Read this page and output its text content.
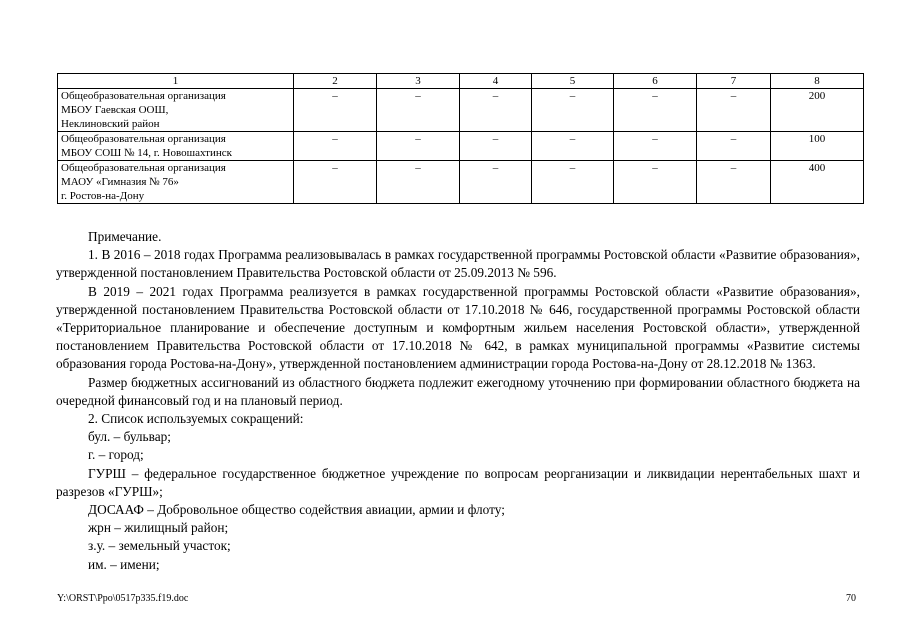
1	2	3	4	5	6	7	8

Общеобразовательная организация
МБОУ Гаевская ООШ,
Неклиновский район	–	–	–	–	–	–	200

Общеобразовательная организация
МБОУ СОШ № 14, г. Новошахтинск	–	–	–	–	–	–	100

Общеобразовательная организация
МАОУ «Гимназия № 76»
г. Ростов-на-Дону	–	–	–	–	–	–	400

Примечание.

1. В 2016 – 2018 годах Программа реализовывалась в рамках государственной программы Ростовской области «Развитие образования», утвержденной постановлением Правительства Ростовской области от 25.09.2013 № 596.

В 2019 – 2021 годах Программа реализуется в рамках государственной программы Ростовской области «Развитие образования», утвержденной постановлением Правительства Ростовской области от 17.10.2018 № 646, государственной программы Ростовской области «Территориальное планирование и обеспечение доступным и комфортным жильем населения Ростовской области», утвержденной постановлением Правительства Ростовской области от 17.10.2018 № 642, в рамках муниципальной программы «Развитие системы образования города Ростова-на-Дону», утвержденной постановлением администрации города Ростова-на-Дону от 28.12.2018 № 1363.

Размер бюджетных ассигнований из областного бюджета подлежит ежегодному уточнению при формировании областного бюджета на очередной финансовый год и на плановый период.

2. Список используемых сокращений:

бул. – бульвар;

г. – город;

ГУРШ – федеральное государственное бюджетное учреждение по вопросам реорганизации и ликвидации нерентабельных шахт и разрезов «ГУРШ»;

ДОСААФ – Добровольное общество содействия авиации, армии и флоту;

жрн – жилищный район;

з.у. – земельный участок;

им. – имени;

Y:\ORST\Ppo\0517p335.f19.doc	70
